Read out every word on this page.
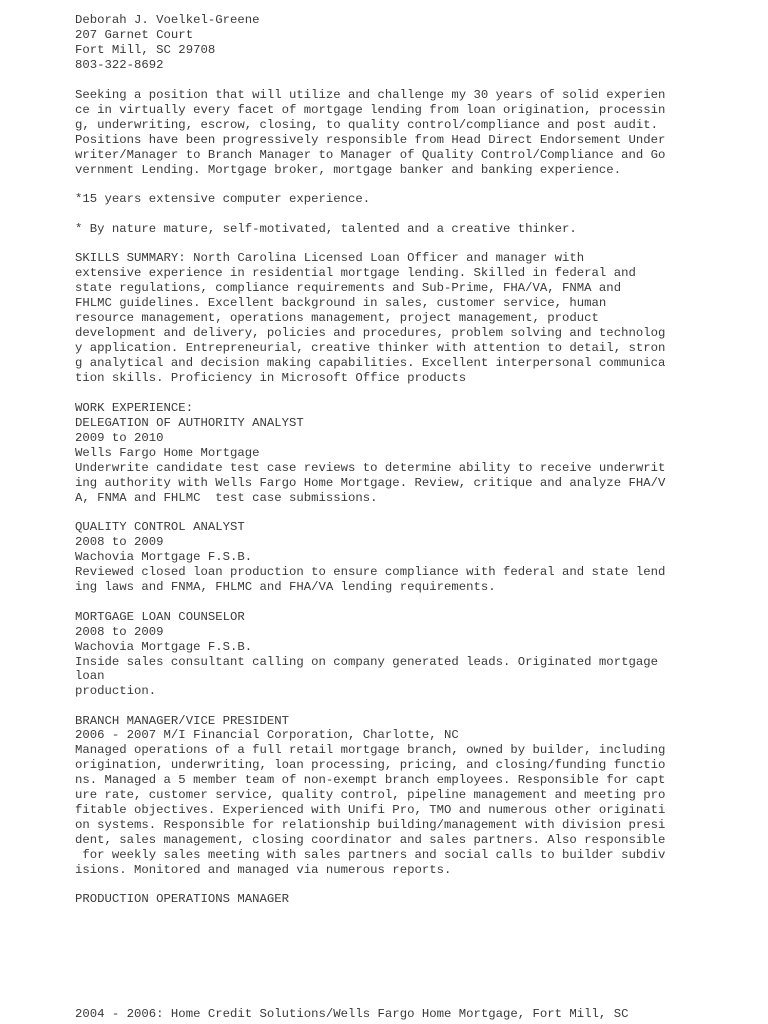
Deborah J. Voelkel-Greene

207 Garnet Court

Fort Mill, SC 29708

803-322-8692

Seeking a position that will utilize and challenge my 30 years of solid experien

ce in virtually every facet of mortgage lending from loan origination, processin

g, underwriting, escrow, closing, to quality control/compliance and post audit.

Positions have been progressively responsible from Head Direct Endorsement Under

writer/Manager to Branch Manager to Manager of Quality Control/Compliance and Go

vernment Lending. Mortgage broker, mortgage banker and banking experience.

*15 years extensive computer experience.

* By nature mature, self-motivated, talented and a creative thinker.

SKILLS SUMMARY: North Carolina Licensed Loan Officer and manager with

extensive experience in residential mortgage lending. Skilled in federal and

state regulations, compliance requirements and Sub-Prime, FHA/VA, FNMA and

FHLMC guidelines. Excellent background in sales, customer service, human

resource management, operations management, project management, product

development and delivery, policies and procedures, problem solving and technolog

y application. Entrepreneurial, creative thinker with attention to detail, stron

g analytical and decision making capabilities. Excellent interpersonal communica

tion skills. Proficiency in Microsoft Office products

WORK EXPERIENCE:

DELEGATION OF AUTHORITY ANALYST

2009 to 2010

Wells Fargo Home Mortgage

Underwrite candidate test case reviews to determine ability to receive underwrit

ing authority with Wells Fargo Home Mortgage. Review, critique and analyze FHA/V

A, FNMA and FHLMC  test case submissions.

QUALITY CONTROL ANALYST

2008 to 2009

Wachovia Mortgage F.S.B.

Reviewed closed loan production to ensure compliance with federal and state lend

ing laws and FNMA, FHLMC and FHA/VA lending requirements.

MORTGAGE LOAN COUNSELOR

2008 to 2009

Wachovia Mortgage F.S.B.

Inside sales consultant calling on company generated leads. Originated mortgage

loan

production.

BRANCH MANAGER/VICE PRESIDENT

2006 - 2007 M/I Financial Corporation, Charlotte, NC

Managed operations of a full retail mortgage branch, owned by builder, including

origination, underwriting, loan processing, pricing, and closing/funding functio

ns. Managed a 5 member team of non-exempt branch employees. Responsible for capt

ure rate, customer service, quality control, pipeline management and meeting pro

fitable objectives. Experienced with Unifi Pro, TMO and numerous other originati

on systems. Responsible for relationship building/management with division presi

dent, sales management, closing coordinator and sales partners. Also responsible

for weekly sales meeting with sales partners and social calls to builder subdiv

isions. Monitored and managed via numerous reports.

PRODUCTION OPERATIONS MANAGER

2004 - 2006: Home Credit Solutions/Wells Fargo Home Mortgage, Fort Mill, SC
